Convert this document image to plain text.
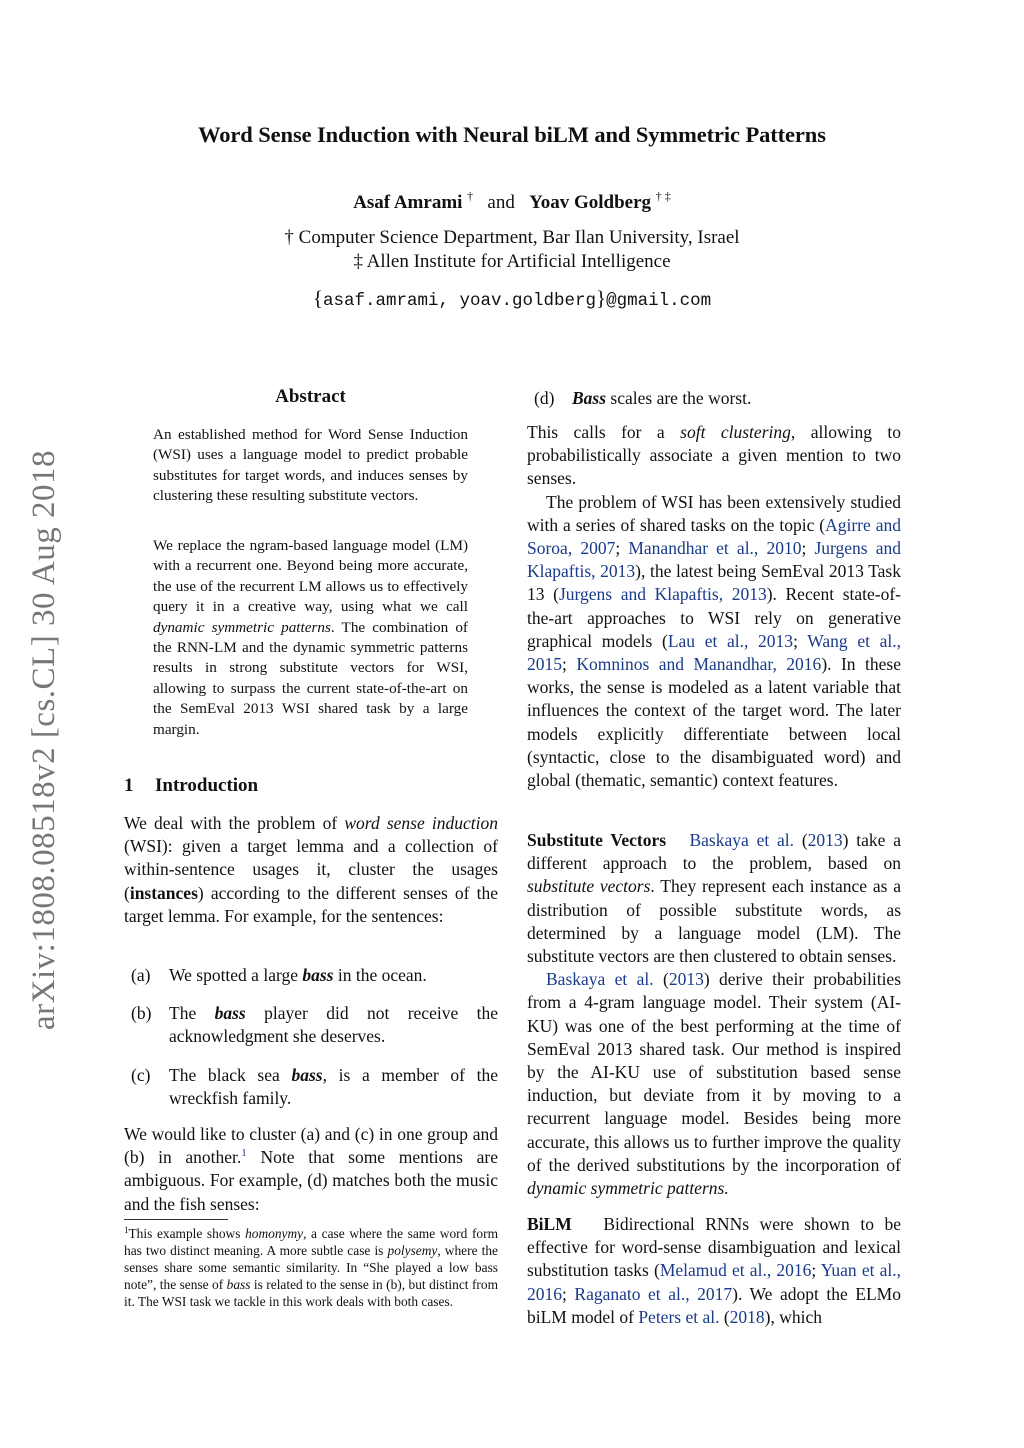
Word Sense Induction with Neural biLM and Symmetric Patterns
Asaf Amrami † and Yoav Goldberg † ‡
† Computer Science Department, Bar Ilan University, Israel
‡ Allen Institute for Artificial Intelligence
{asaf.amrami, yoav.goldberg}@gmail.com
arXiv:1808.08518v2 [cs.CL] 30 Aug 2018
Abstract

An established method for Word Sense Induction (WSI) uses a language model to predict probable substitutes for target words, and induces senses by clustering these resulting substitute vectors.

We replace the ngram-based language model (LM) with a recurrent one. Beyond being more accurate, the use of the recurrent LM allows us to effectively query it in a creative way, using what we call dynamic symmetric patterns. The combination of the RNN-LM and the dynamic symmetric patterns results in strong substitute vectors for WSI, allowing to surpass the current state-of-the-art on the SemEval 2013 WSI shared task by a large margin.

1 Introduction

We deal with the problem of word sense induction (WSI): given a target lemma and a collection of within-sentence usages it, cluster the usages (instances) according to the different senses of the target lemma. For example, for the sentences:

(a)	We spotted a large bass in the ocean.
(b)	The bass player did not receive the acknowledgment she deserves.
(c)	The black sea bass, is a member of the wreckfish family.

We would like to cluster (a) and (c) in one group and (b) in another.$^1$ Note that some mentions are ambiguous. For example, (d) matches both the music and the fish senses:

$^1$This example shows homonymy, a case where the same word form has two distinct meaning. A more subtle case is polysemy, where the senses share some semantic similarity. In “She played a low bass note”, the sense of bass is related to the sense in (b), but distinct from it. The WSI task we tackle in this work deals with both cases.

(d)	Bass scales are the worst.

This calls for a soft clustering, allowing to probabilistically associate a given mention to two senses.

The problem of WSI has been extensively studied with a series of shared tasks on the topic (Agirre and Soroa, 2007; Manandhar et al., 2010; Jurgens and Klapaftis, 2013), the latest being SemEval 2013 Task 13 (Jurgens and Klapaftis, 2013). Recent state-of-the-art approaches to WSI rely on generative graphical models (Lau et al., 2013; Wang et al., 2015; Komninos and Manandhar, 2016). In these works, the sense is modeled as a latent variable that influences the context of the target word. The later models explicitly differentiate between local (syntactic, close to the disambiguated word) and global (thematic, semantic) context features.

Substitute Vectors Baskaya et al. (2013) take a different approach to the problem, based on substitute vectors. They represent each instance as a distribution of possible substitute words, as determined by a language model (LM). The substitute vectors are then clustered to obtain senses.

Baskaya et al. (2013) derive their probabilities from a 4-gram language model. Their system (AI-KU) was one of the best performing at the time of SemEval 2013 shared task. Our method is inspired by the AI-KU use of substitution based sense induction, but deviate from it by moving to a recurrent language model. Besides being more accurate, this allows us to further improve the quality of the derived substitutions by the incorporation of dynamic symmetric patterns.

BiLM Bidirectional RNNs were shown to be effective for word-sense disambiguation and lexical substitution tasks (Melamud et al., 2016; Yuan et al., 2016; Raganato et al., 2017). We adopt the ELMo biLM model of Peters et al. (2018), which
